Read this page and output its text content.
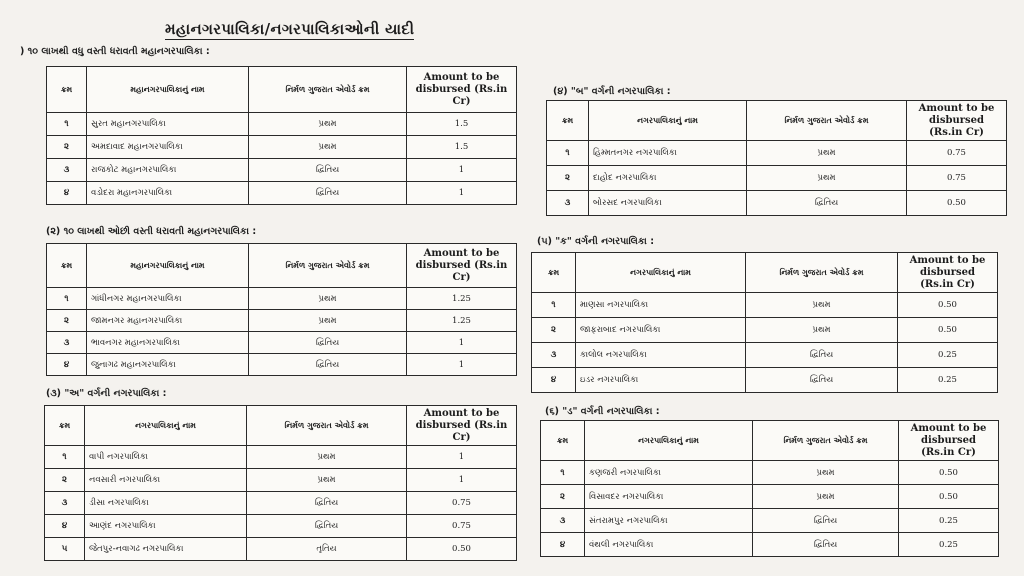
મહાનગરપાલિકા/નગરપાલિકાઓની યાદી
) ૧૦ લાખથી વધુ વસ્તી ધરાવતી મહાનગરપાલિકા :
ક્રમ	મહાનગરપાલિકાનું નામ	નિર્મળ ગુજરાત એવોર્ડ ક્રમ	Amount to be disbursed (Rs.in Cr)
૧	સુરત મહાનગરપાલિકા	પ્રથમ	1.5
૨	અમદાવાદ મહાનગરપાલિકા	પ્રથમ	1.5
૩	રાજકોટ મહાનગરપાલિકા	દ્વિતિય	1
૪	વડોદરા મહાનગરપાલિકા	દ્વિતિય	1
(૨) ૧૦ લાખથી ઓછી વસ્તી ધરાવતી મહાનગરપાલિકા :
ક્રમ	મહાનગરપાલિકાનું નામ	નિર્મળ ગુજરાત એવોર્ડ ક્રમ	Amount to be disbursed (Rs.in Cr)
૧	ગાંધીનગર મહાનગરપાલિકા	પ્રથમ	1.25
૨	જામનગર મહાનગરપાલિકા	પ્રથમ	1.25
૩	ભાવનગર મહાનગરપાલિકા	દ્વિતિય	1
૪	જુનાગઢ મહાનગરપાલિકા	દ્વિતિય	1
(૩) "અ" વર્ગની નગરપાલિકા :
ક્રમ	નગરપાલિકાનું નામ	નિર્મળ ગુજરાત એવોર્ડ ક્રમ	Amount to be disbursed (Rs.in Cr)
૧	વાપી નગરપાલિકા	પ્રથમ	1
૨	નવસારી નગરપાલિકા	પ્રથમ	1
૩	ડીસા નગરપાલિકા	દ્વિતિય	0.75
૪	આણંદ નગરપાલિકા	દ્વિતિય	0.75
૫	જેતપુર-નવાગઢ નગરપાલિકા	તૃતિય	0.50
(૪) "બ" વર્ગની નગરપાલિકા :
ક્રમ	નગરપાલિકાનું નામ	નિર્મળ ગુજરાત એવોર્ડ ક્રમ	Amount to be disbursed (Rs.in Cr)
૧	હિમ્મતનગર નગરપાલિકા	પ્રથમ	0.75
૨	દાહોદ નગરપાલિકા	પ્રથમ	0.75
૩	બોરસદ નગરપાલિકા	દ્વિતિય	0.50
(૫) "ક" વર્ગની નગરપાલિકા :
ક્રમ	નગરપાલિકાનું નામ	નિર્મળ ગુજરાત એવોર્ડ ક્રમ	Amount to be disbursed (Rs.in Cr)
૧	માણસા નગરપાલિકા	પ્રથમ	0.50
૨	જાફરાબાદ નગરપાલિકા	પ્રથમ	0.50
૩	કાલોલ નગરપાલિકા	દ્વિતિય	0.25
૪	ઇડર નગરપાલિકા	દ્વિતિય	0.25
(૬) "ડ" વર્ગની નગરપાલિકા :
ક્રમ	નગરપાલિકાનું નામ	નિર્મળ ગુજરાત એવોર્ડ ક્રમ	Amount to be disbursed (Rs.in Cr)
૧	કણજરી નગરપાલિકા	પ્રથમ	0.50
૨	વિસાવદર નગરપાલિકા	પ્રથમ	0.50
૩	સંતરામપુર નગરપાલિકા	દ્વિતિય	0.25
૪	વંથલી નગરપાલિકા	દ્વિતિય	0.25
